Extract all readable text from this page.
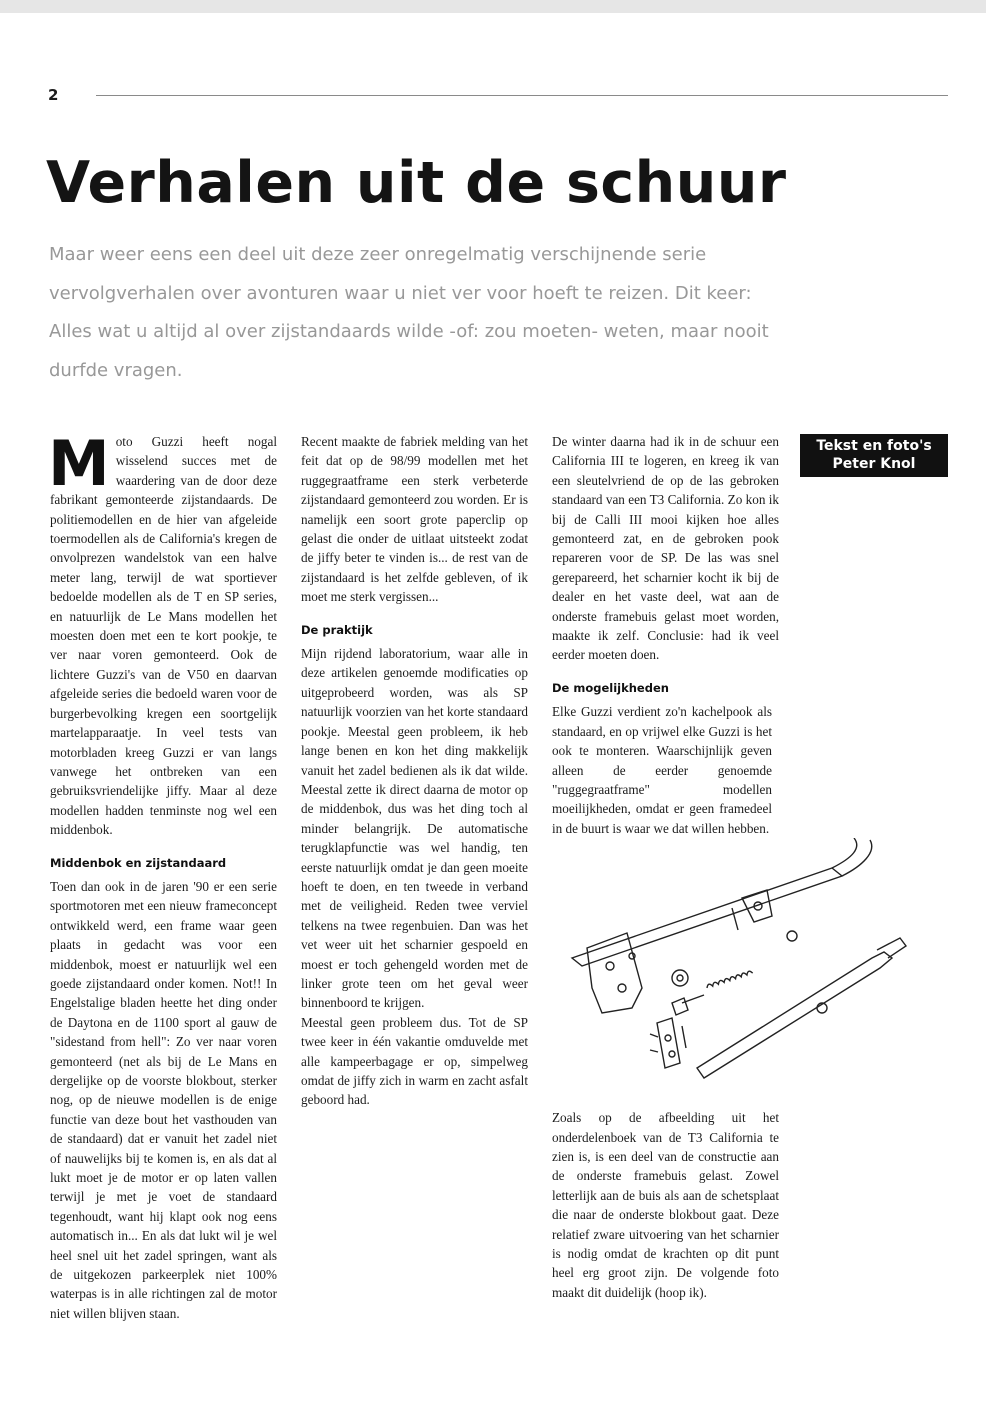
2
Verhalen uit de schuur

Maar weer eens een deel uit deze zeer onregelmatig verschijnende serie vervolgverhalen over avonturen waar u niet ver voor hoeft te reizen. Dit keer: Alles wat u altijd al over zijstandaards wilde -of: zou moeten- weten, maar nooit durfde vragen.

Tekst en foto's
Peter Knol

Moto Guzzi heeft nogal wisselend succes met de waardering van de door deze fabrikant gemonteerde zijstandaards. De politiemodellen en de hier van afgeleide toermodellen als de California's kregen de onvolprezen wandelstok van een halve meter lang, terwijl de wat sportiever bedoelde modellen als de T en SP series, en natuurlijk de Le Mans modellen het moesten doen met een te kort pookje, te ver naar voren gemonteerd. Ook de lichtere Guzzi's van de V50 en daarvan afgeleide series die bedoeld waren voor de burgerbevolking kregen een soortgelijk martelapparaatje. In veel tests van motorbladen kreeg Guzzi er van langs vanwege het ontbreken van een gebruiksvriendelijke jiffy. Maar al deze modellen hadden tenminste nog wel een middenbok.

Middenbok en zijstandaard

Toen dan ook in de jaren '90 er een serie sportmotoren met een nieuw frameconcept ontwikkeld werd, een frame waar geen plaats in gedacht was voor een middenbok, moest er natuurlijk wel een goede zijstandaard onder komen. Not!! In Engelstalige bladen heette het ding onder de Daytona en de 1100 sport al gauw de "sidestand from hell": Zo ver naar voren gemonteerd (net als bij de Le Mans en dergelijke op de voorste blokbout, sterker nog, op de nieuwe modellen is de enige functie van deze bout het vasthouden van de standaard) dat er vanuit het zadel niet of nauwelijks bij te komen is, en als dat al lukt moet je de motor er op laten vallen terwijl je met je voet de standaard tegenhoudt, want hij klapt ook nog eens automatisch in... En als dat lukt wil je wel heel snel uit het zadel springen, want als de uitgekozen parkeerplek niet 100% waterpas is in alle richtingen zal de motor niet willen blijven staan.

Recent maakte de fabriek melding van het feit dat op de 98/99 modellen met het ruggegraatframe een sterk verbeterde zijstandaard gemonteerd zou worden. Er is namelijk een soort grote paperclip op gelast die onder de uitlaat uitsteekt zodat de jiffy beter te vinden is... de rest van de zijstandaard is het zelfde gebleven, of ik moet me sterk vergissen...

De praktijk

Mijn rijdend laboratorium, waar alle in deze artikelen genoemde modificaties op uitgeprobeerd worden, was als SP natuurlijk voorzien van het korte standaard pookje. Meestal geen probleem, ik heb lange benen en kon het ding makkelijk vanuit het zadel bedienen als ik dat wilde. Meestal zette ik direct daarna de motor op de middenbok, dus was het ding toch al minder belangrijk. De automatische terugklapfunctie was wel handig, ten eerste natuurlijk omdat je dan geen moeite hoeft te doen, en ten tweede in verband met de veiligheid. Reden twee verviel telkens na twee regenbuien. Dan was het vet weer uit het scharnier gespoeld en moest er toch gehengeld worden met de linker grote teen om het geval weer binnenboord te krijgen.

Meestal geen probleem dus. Tot de SP twee keer in één vakantie omduvelde met alle kampeerbagage er op, simpelweg omdat de jiffy zich in warm en zacht asfalt geboord had.

De winter daarna had ik in de schuur een California III te logeren, en kreeg ik van een sleutelvriend de op de las gebroken standaard van een T3 California. Zo kon ik bij de Calli III mooi kijken hoe alles gemonteerd zat, en de gebroken pook repareren voor de SP. De las was snel gerepareerd, het scharnier kocht ik bij de dealer en het vaste deel, wat aan de onderste framebuis gelast moet worden, maakte ik zelf. Conclusie: had ik veel eerder moeten doen.

De mogelijkheden

Elke Guzzi verdient zo'n kachelpook als standaard, en op vrijwel elke Guzzi is het ook te monteren. Waarschijnlijk geven alleen de eerder genoemde "ruggegraatframe" modellen moeilijkheden, omdat er geen framedeel in de buurt is waar we dat willen hebben.

Zoals op de afbeelding uit het onderdelenboek van de T3 California te zien is, is een deel van de constructie aan de onderste framebuis gelast. Zowel letterlijk aan de buis als aan de schetsplaat die naar de onderste blokbout gaat. Deze relatief zware uitvoering van het scharnier is nodig omdat de krachten op dit punt heel erg groot zijn. De volgende foto maakt dit duidelijk (hoop ik).
